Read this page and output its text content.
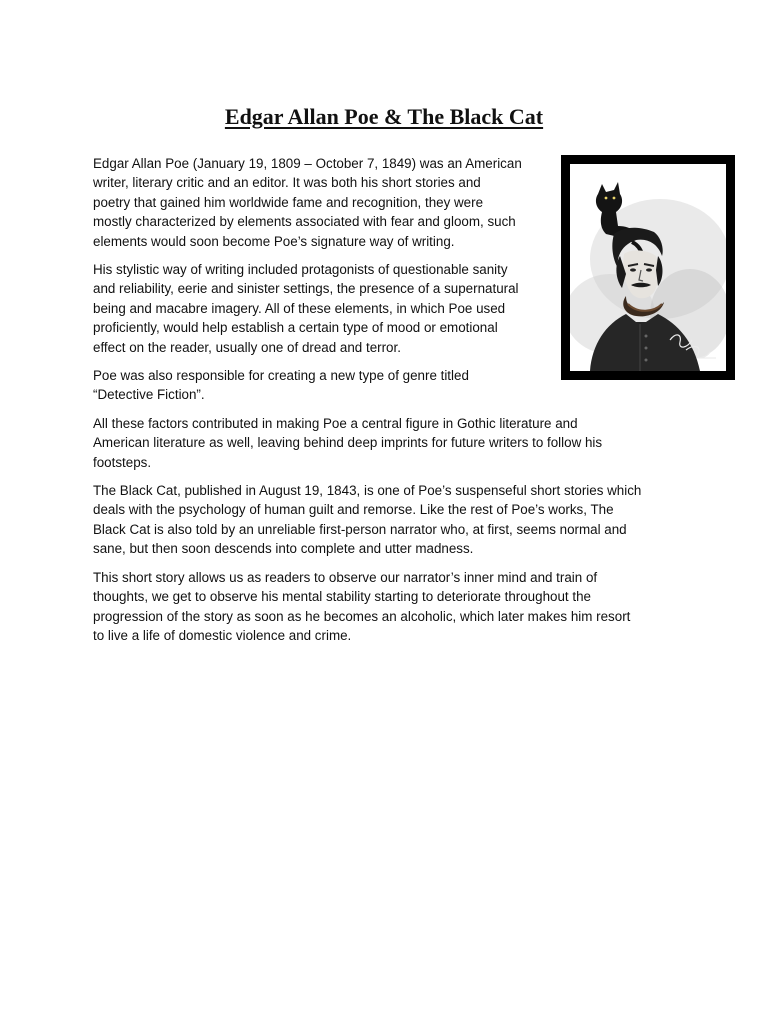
Edgar Allan Poe & The Black Cat

Edgar Allan Poe (January 19, 1809 – October 7, 1849) was an American
writer, literary critic and an editor. It was both his short stories and
poetry that gained him worldwide fame and recognition, they were
mostly characterized by elements associated with fear and gloom, such
elements would soon become Poe’s signature way of writing.

His stylistic way of writing included protagonists of questionable sanity
and reliability, eerie and sinister settings, the presence of a supernatural
being and macabre imagery. All of these elements, in which Poe used
proficiently, would help establish a certain type of mood or emotional
effect on the reader, usually one of dread and terror.

Poe was also responsible for creating a new type of genre titled
“Detective Fiction”.

All these factors contributed in making Poe a central figure in Gothic literature and
American literature as well, leaving behind deep imprints for future writers to follow his
footsteps.

The Black Cat, published in August 19, 1843, is one of Poe’s suspenseful short stories which
deals with the psychology of human guilt and remorse. Like the rest of Poe’s works, The
Black Cat is also told by an unreliable first-person narrator who, at first, seems normal and
sane, but then soon descends into complete and utter madness.

This short story allows us as readers to observe our narrator’s inner mind and train of
thoughts, we get to observe his mental stability starting to deteriorate throughout the
progression of the story as soon as he becomes an alcoholic, which later makes him resort
to live a life of domestic violence and crime.
